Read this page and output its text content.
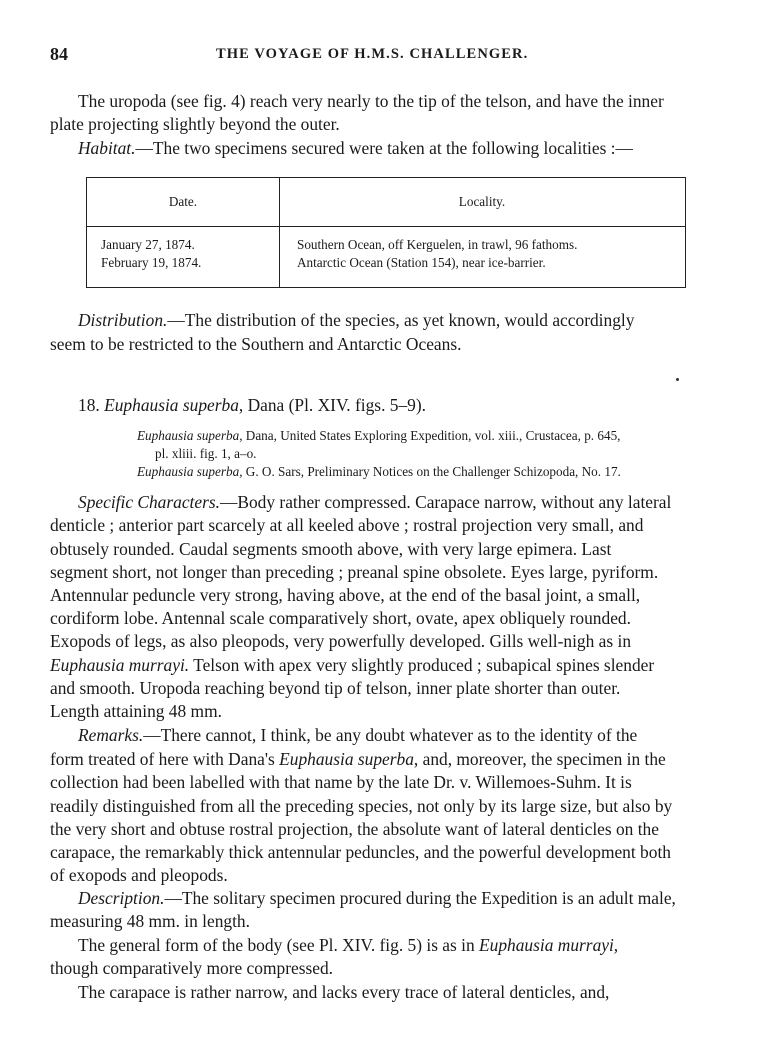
84	THE VOYAGE OF H.M.S. CHALLENGER.
The uropoda (see fig. 4) reach very nearly to the tip of the telson, and have the inner
plate projecting slightly beyond the outer.
Habitat.—The two specimens secured were taken at the following localities :—
Date.	Locality.
January 27, 1874.
February 19, 1874.
Southern Ocean, off Kerguelen, in trawl, 96 fathoms.
Antarctic Ocean (Station 154), near ice-barrier.
Distribution.—The distribution of the species, as yet known, would accordingly
seem to be restricted to the Southern and Antarctic Oceans.
18. Euphausia superba, Dana (Pl. XIV. figs. 5–9).
Euphausia superba, Dana, United States Exploring Expedition, vol. xiii., Crustacea, p. 645,
pl. xliii. fig. 1, a–o.
Euphausia superba, G. O. Sars, Preliminary Notices on the Challenger Schizopoda, No. 17.
Specific Characters.—Body rather compressed. Carapace narrow, without any lateral
denticle ; anterior part scarcely at all keeled above ; rostral projection very small, and
obtusely rounded. Caudal segments smooth above, with very large epimera. Last
segment short, not longer than preceding ; preanal spine obsolete. Eyes large, pyriform.
Antennular peduncle very strong, having above, at the end of the basal joint, a small,
cordiform lobe. Antennal scale comparatively short, ovate, apex obliquely rounded.
Exopods of legs, as also pleopods, very powerfully developed. Gills well-nigh as in
Euphausia murrayi. Telson with apex very slightly produced ; subapical spines slender
and smooth. Uropoda reaching beyond tip of telson, inner plate shorter than outer.
Length attaining 48 mm.
Remarks.—There cannot, I think, be any doubt whatever as to the identity of the
form treated of here with Dana's Euphausia superba, and, moreover, the specimen in the
collection had been labelled with that name by the late Dr. v. Willemoes-Suhm. It is
readily distinguished from all the preceding species, not only by its large size, but also by
the very short and obtuse rostral projection, the absolute want of lateral denticles on the
carapace, the remarkably thick antennular peduncles, and the powerful development both
of exopods and pleopods.
Description.—The solitary specimen procured during the Expedition is an adult male,
measuring 48 mm. in length.
The general form of the body (see Pl. XIV. fig. 5) is as in Euphausia murrayi,
though comparatively more compressed.
The carapace is rather narrow, and lacks every trace of lateral denticles, and,
